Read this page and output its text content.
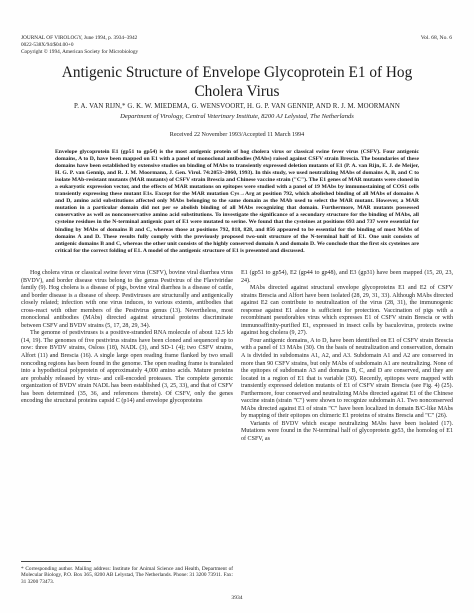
JOURNAL OF VIROLOGY, June 1994, p. 3934–3942
0022-538X/94/$04.00+0
Copyright © 1994, American Society for Microbiology
Vol. 68, No. 6
Antigenic Structure of Envelope Glycoprotein E1 of Hog
Cholera Virus
P. A. VAN RIJN,* G. K. W. MIEDEMA, G. WENSVOORT, H. G. P. VAN GENNIP, AND R. J. M. MOORMANN
Department of Virology, Central Veterinary Institute, 8200 AJ Lelystad, The Netherlands
Received 22 November 1993/Accepted 11 March 1994
Envelope glycoprotein E1 (gp51 to gp54) is the most antigenic protein of hog cholera virus or classical swine fever virus (CSFV). Four antigenic domains, A to D, have been mapped on E1 with a panel of monoclonal antibodies (MAbs) raised against CSFV strain Brescia. The boundaries of these domains have been established by extensive studies on binding of MAbs to transiently expressed deletion mutants of E1 (P. A. van Rijn, E. J. de Meijer, H. G. P. van Gennip, and R. J. M. Moormann, J. Gen. Virol. 74:2053–2060, 1993). In this study, we used neutralizing MAbs of domains A, B, and C to isolate MAb-resistant mutants (MAR mutants) of CSFV strain Brescia and Chinese vaccine strain ("C"). The E1 genes of MAR mutants were cloned in a eukaryotic expression vector, and the effects of MAR mutations on epitopes were studied with a panel of 19 MAbs by immunostaining of COS1 cells transiently expressing these mutant E1s. Except for the MAR mutation Cys→Arg at position 792, which abolished binding of all MAbs of domains A and D, amino acid substitutions affected only MAbs belonging to the same domain as the MAb used to select the MAR mutant. However, a MAR mutation in a particular domain did not per se abolish binding of all MAbs recognizing that domain. Furthermore, MAR mutants possessed conservative as well as nonconservative amino acid substitutions. To investigate the significance of a secondary structure for the binding of MAbs, all cysteine residues in the N-terminal antigenic part of E1 were mutated to serine. We found that the cysteines at positions 693 and 737 were essential for binding by MAbs of domains B and C, whereas those at positions 792, 818, 828, and 856 appeared to be essential for the binding of most MAbs of domains A and D. These results fully comply with the previously proposed two-unit structure of the N-terminal half of E1. One unit consists of antigenic domains B and C, whereas the other unit consists of the highly conserved domain A and domain D. We conclude that the first six cysteines are critical for the correct folding of E1. A model of the antigenic structure of E1 is presented and discussed.

Hog cholera virus or classical swine fever virus (CSFV), bovine viral diarrhea virus (BVDV), and border disease virus belong to the genus Pestivirus of the Flaviviridae family (9). Hog cholera is a disease of pigs, bovine viral diarrhea is a disease of cattle, and border disease is a disease of sheep. Pestiviruses are structurally and antigenically closely related; infection with one virus induces, to various extents, antibodies that cross-react with other members of the Pestivirus genus (13). Nevertheless, most monoclonal antibodies (MAbs) directed against structural proteins discriminate between CSFV and BVDV strains (5, 17, 28, 29, 34).

The genome of pestiviruses is a positive-stranded RNA molecule of about 12.5 kb (14, 19). The genomes of five pestivirus strains have been cloned and sequenced up to now: three BVDV strains, Osloss (18), NADL (3), and SD-1 (4); two CSFV strains, Alfort (11) and Brescia (16). A single large open reading frame flanked by two small noncoding regions has been found in the genome. The open reading frame is translated into a hypothetical polyprotein of approximately 4,000 amino acids. Mature proteins are probably released by virus- and cell-encoded proteases. The complete genomic organization of BVDV strain NADL has been established (3, 25, 33), and that of CSFV has been determined (35, 36, and references therein). Of CSFV, only the genes encoding the structural proteins capsid C (p14) and envelope glycoproteins

E1 (gp51 to gp54), E2 (gp44 to gp48), and E3 (gp31) have been mapped (15, 20, 23, 24).

MAbs directed against structural envelope glycoproteins E1 and E2 of CSFV strains Brescia and Alfort have been isolated (28, 29, 31, 33). Although MAbs directed against E2 can contribute to neutralization of the virus (28, 31), the immunogenic response against E1 alone is sufficient for protection. Vaccination of pigs with a recombinant pseudorabies virus which expresses E1 of CSFV strain Brescia or with immunoaffinity-purified E1, expressed in insect cells by baculovirus, protects swine against hog cholera (9, 27).

Four antigenic domains, A to D, have been identified on E1 of CSFV strain Brescia with a panel of 13 MAbs (30). On the basis of neutralization and conservation, domain A is divided in subdomains A1, A2, and A3. Subdomain A1 and A2 are conserved in more than 90 CSFV strains, but only MAbs of subdomain A1 are neutralizing. None of the epitopes of subdomain A3 and domains B, C, and D are conserved, and they are located in a region of E1 that is variable (30). Recently, epitopes were mapped with transiently expressed deletion mutants of E1 of CSFV strain Brescia (see Fig. 4) (25). Furthermore, four conserved and neutralizing MAbs directed against E1 of the Chinese vaccine strain (strain "C") were shown to recognize subdomain A1. Two nonconserved MAbs directed against E1 of strain "C" have been localized in domain B/C-like MAbs by mapping of their epitopes on chimeric E1 proteins of strains Brescia and "C" (26).

Variants of BVDV which escape neutralizing MAbs have been isolated (17). Mutations were found in the N-terminal half of glycoprotein gp53, the homolog of E1 of CSFV, as

* Corresponding author. Mailing address: Institute for Animal Science and Health, Department of Molecular Biology, P.O. Box 365, 8200 AB Lelystad, The Netherlands. Phone: 31 3200 73911. Fax: 31 3200 73473.
3934
